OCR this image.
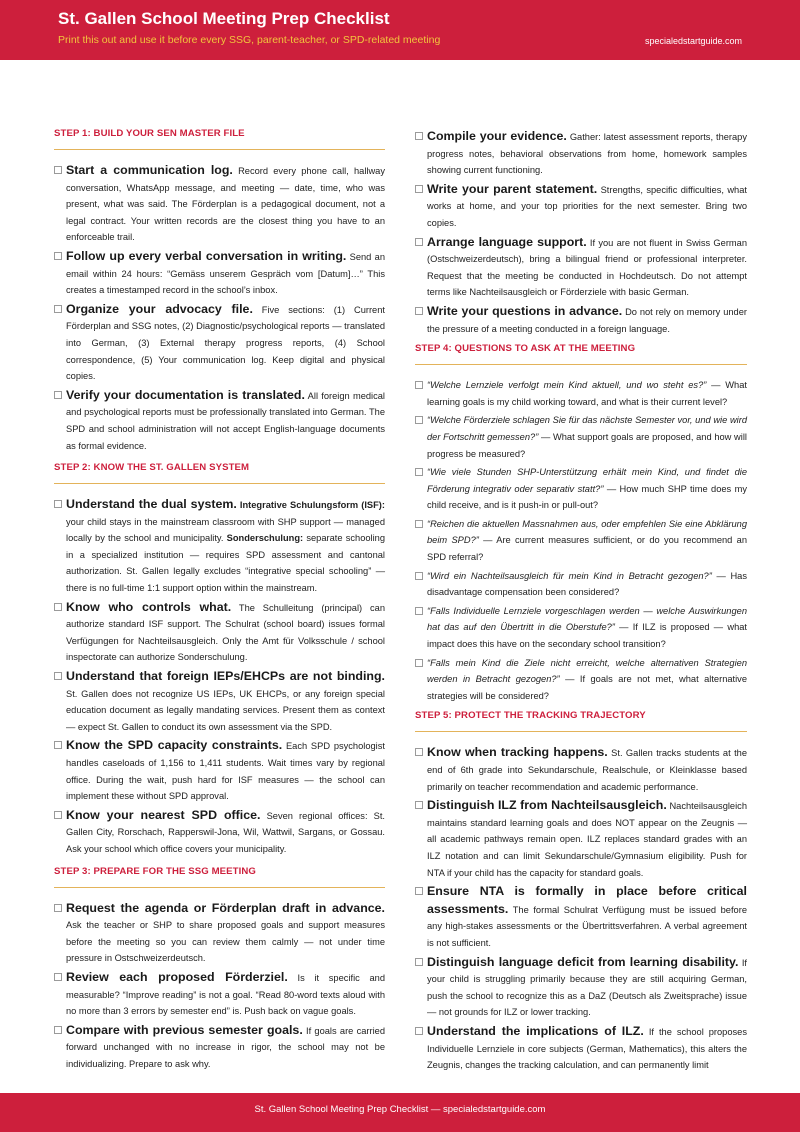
St. Gallen School Meeting Prep Checklist
Print this out and use it before every SSG, parent-teacher, or SPD-related meeting	specialedstartguide.com
STEP 1: BUILD YOUR SEN MASTER FILE
Start a communication log. Record every phone call, hallway conversation, WhatsApp message, and meeting — date, time, who was present, what was said. The Förderplan is a pedagogical document, not a legal contract. Your written records are the closest thing you have to an enforceable trail.
Follow up every verbal conversation in writing. Send an email within 24 hours: “Gemäss unserem Gespräch vom [Datum]…” This creates a timestamped record in the school’s inbox.
Organize your advocacy file. Five sections: (1) Current Förderplan and SSG notes, (2) Diagnostic/psychological reports — translated into German, (3) External therapy progress reports, (4) School correspondence, (5) Your communication log. Keep digital and physical copies.
Verify your documentation is translated. All foreign medical and psychological reports must be professionally translated into German. The SPD and school administration will not accept English-language documents as formal evidence.
STEP 2: KNOW THE ST. GALLEN SYSTEM
Understand the dual system. Integrative Schulungsform (ISF): your child stays in the mainstream classroom with SHP support — managed locally by the school and municipality. Sonderschulung: separate schooling in a specialized institution — requires SPD assessment and cantonal authorization. St. Gallen legally excludes “integrative special schooling” — there is no full-time 1:1 support option within the mainstream.
Know who controls what. The Schulleitung (principal) can authorize standard ISF support. The Schulrat (school board) issues formal Verfügungen for Nachteilsausgleich. Only the Amt für Volksschule / school inspectorate can authorize Sonderschulung.
Understand that foreign IEPs/EHCPs are not binding. St. Gallen does not recognize US IEPs, UK EHCPs, or any foreign special education document as legally mandating services. Present them as context — expect St. Gallen to conduct its own assessment via the SPD.
Know the SPD capacity constraints. Each SPD psychologist handles caseloads of 1,156 to 1,411 students. Wait times vary by regional office. During the wait, push hard for ISF measures — the school can implement these without SPD approval.
Know your nearest SPD office. Seven regional offices: St. Gallen City, Rorschach, Rapperswil-Jona, Wil, Wattwil, Sargans, or Gossau. Ask your school which office covers your municipality.
STEP 3: PREPARE FOR THE SSG MEETING
Request the agenda or Förderplan draft in advance. Ask the teacher or SHP to share proposed goals and support measures before the meeting so you can review them calmly — not under time pressure in Ostschweizerdeutsch.
Review each proposed Förderziel. Is it specific and measurable? “Improve reading” is not a goal. “Read 80-word texts aloud with no more than 3 errors by semester end” is. Push back on vague goals.
Compare with previous semester goals. If goals are carried forward unchanged with no increase in rigor, the school may not be individualizing. Prepare to ask why.
Compile your evidence. Gather: latest assessment reports, therapy progress notes, behavioral observations from home, homework samples showing current functioning.
Write your parent statement. Strengths, specific difficulties, what works at home, and your top priorities for the next semester. Bring two copies.
Arrange language support. If you are not fluent in Swiss German (Ostschweizerdeutsch), bring a bilingual friend or professional interpreter. Request that the meeting be conducted in Hochdeutsch. Do not attempt terms like Nachteilsausgleich or Förderziele with basic German.
Write your questions in advance. Do not rely on memory under the pressure of a meeting conducted in a foreign language.
STEP 4: QUESTIONS TO ASK AT THE MEETING
“Welche Lernziele verfolgt mein Kind aktuell, und wo steht es?” — What learning goals is my child working toward, and what is their current level?
“Welche Förderziele schlagen Sie für das nächste Semester vor, und wie wird der Fortschritt gemessen?” — What support goals are proposed, and how will progress be measured?
“Wie viele Stunden SHP-Unterstützung erhält mein Kind, und findet die Förderung integrativ oder separativ statt?” — How much SHP time does my child receive, and is it push-in or pull-out?
“Reichen die aktuellen Massnahmen aus, oder empfehlen Sie eine Abklärung beim SPD?” — Are current measures sufficient, or do you recommend an SPD referral?
“Wird ein Nachteilsausgleich für mein Kind in Betracht gezogen?” — Has disadvantage compensation been considered?
“Falls Individuelle Lernziele vorgeschlagen werden — welche Auswirkungen hat das auf den Übertritt in die Oberstufe?” — If ILZ is proposed — what impact does this have on the secondary school transition?
“Falls mein Kind die Ziele nicht erreicht, welche alternativen Strategien werden in Betracht gezogen?” — If goals are not met, what alternative strategies will be considered?
STEP 5: PROTECT THE TRACKING TRAJECTORY
Know when tracking happens. St. Gallen tracks students at the end of 6th grade into Sekundarschule, Realschule, or Kleinklasse based primarily on teacher recommendation and academic performance.
Distinguish ILZ from Nachteilsausgleich. Nachteilsausgleich maintains standard learning goals and does NOT appear on the Zeugnis — all academic pathways remain open. ILZ replaces standard grades with an ILZ notation and can limit Sekundarschule/Gymnasium eligibility. Push for NTA if your child has the capacity for standard goals.
Ensure NTA is formally in place before critical assessments. The formal Schulrat Verfügung must be issued before any high-stakes assessments or the Übertrittsverfahren. A verbal agreement is not sufficient.
Distinguish language deficit from learning disability. If your child is struggling primarily because they are still acquiring German, push the school to recognize this as a DaZ (Deutsch als Zweitsprache) issue — not grounds for ILZ or lower tracking.
Understand the implications of ILZ. If the school proposes Individuelle Lernziele in core subjects (German, Mathematics), this alters the Zeugnis, changes the tracking calculation, and can permanently limit
St. Gallen School Meeting Prep Checklist — specialedstartguide.com
